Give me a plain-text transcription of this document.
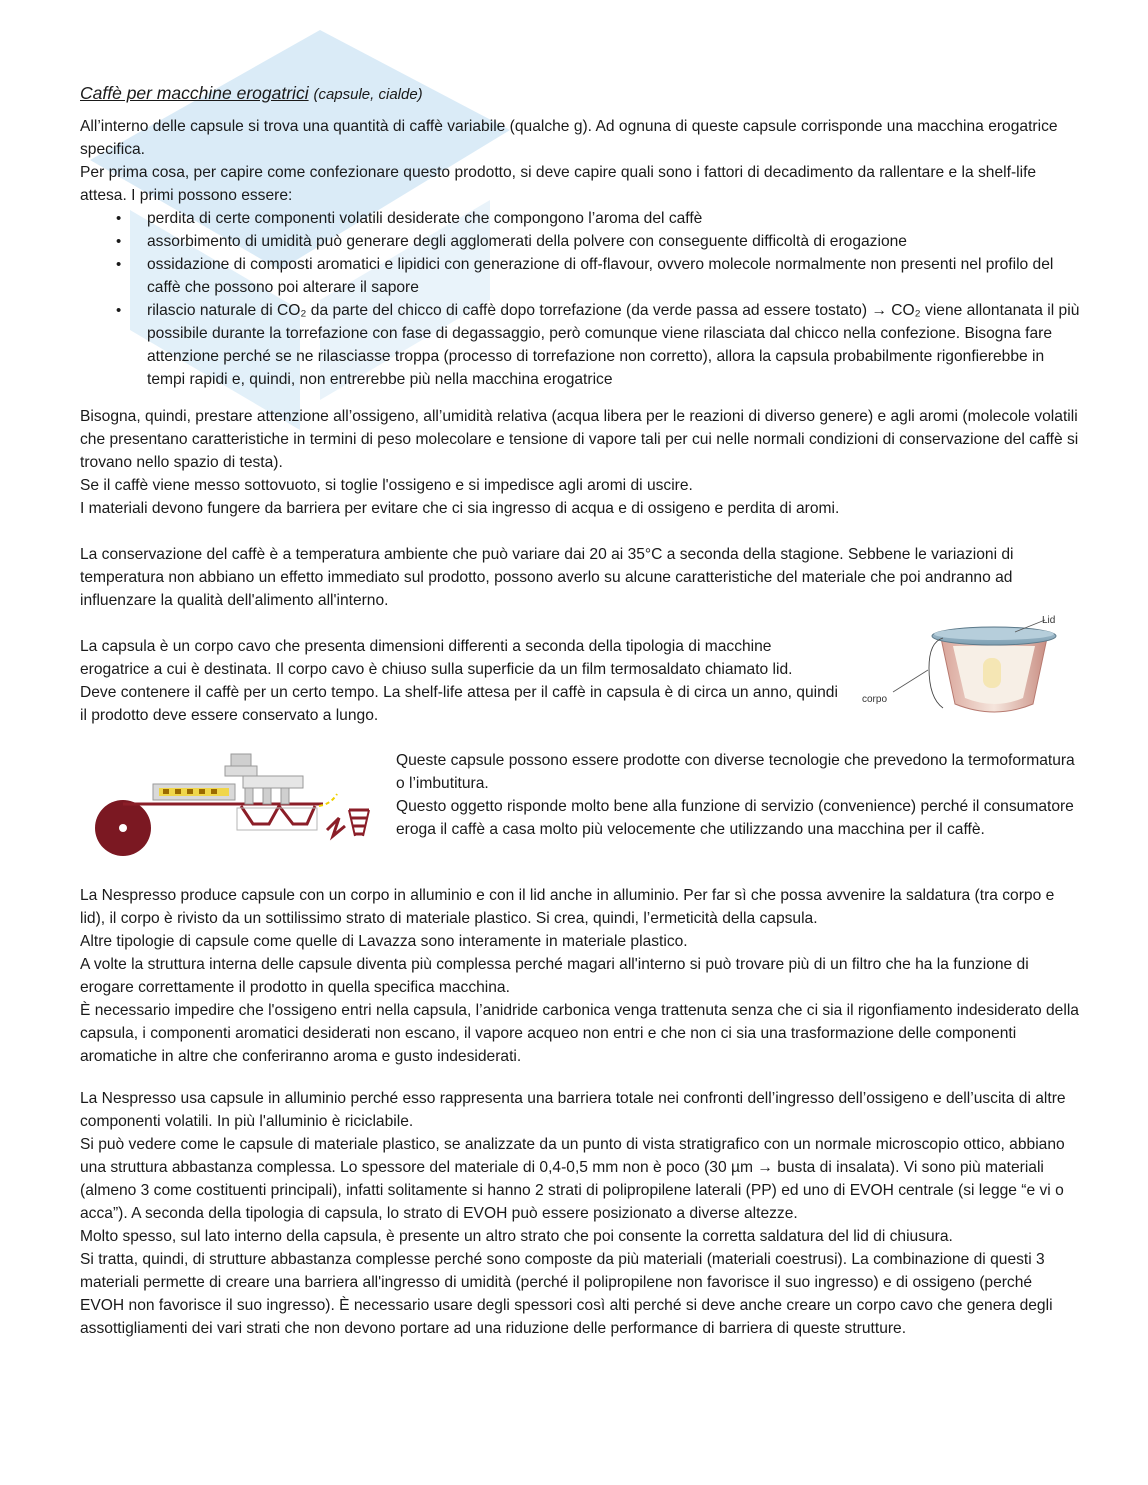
Caffè per macchine erogatrici (capsule, cialde)

All’interno delle capsule si trova una quantità di caffè variabile (qualche g). Ad ognuna di queste capsule corrisponde una macchina erogatrice specifica.

Per prima cosa, per capire come confezionare questo prodotto, si deve capire quali sono i fattori di decadimento da rallentare e la shelf-life attesa. I primi possono essere:

• perdita di certe componenti volatili desiderate che compongono l’aroma del caffè
• assorbimento di umidità può generare degli agglomerati della polvere con conseguente difficoltà di erogazione
• ossidazione di composti aromatici e lipidici con generazione di off-flavour, ovvero molecole normalmente non presenti nel profilo del caffè che possono poi alterare il sapore
• rilascio naturale di CO₂ da parte del chicco di caffè dopo torrefazione (da verde passa ad essere tostato) → CO₂ viene allontanata il più possibile durante la torrefazione con fase di degassaggio, però comunque viene rilasciata dal chicco nella confezione. Bisogna fare attenzione perché se ne rilasciasse troppa (processo di torrefazione non corretto), allora la capsula probabilmente rigonfierebbe in tempi rapidi e, quindi, non entrerebbe più nella macchina erogatrice

Bisogna, quindi, prestare attenzione all’ossigeno, all’umidità relativa (acqua libera per le reazioni di diverso genere) e agli aromi (molecole volatili che presentano caratteristiche in termini di peso molecolare e tensione di vapore tali per cui nelle normali condizioni di conservazione del caffè si trovano nello spazio di testa).

Se il caffè viene messo sottovuoto, si toglie l'ossigeno e si impedisce agli aromi di uscire.

I materiali devono fungere da barriera per evitare che ci sia ingresso di acqua e di ossigeno e perdita di aromi.

La conservazione del caffè è a temperatura ambiente che può variare dai 20 ai 35°C a seconda della stagione. Sebbene le variazioni di temperatura non abbiano un effetto immediato sul prodotto, possono averlo su alcune caratteristiche del materiale che poi andranno ad influenzare la qualità dell'alimento all'interno.

La capsula è un corpo cavo che presenta dimensioni differenti a seconda della tipologia di macchine erogatrice a cui è destinata. Il corpo cavo è chiuso sulla superficie da un film termosaldato chiamato lid.

Deve contenere il caffè per un certo tempo. La shelf-life attesa per il caffè in capsula è di circa un anno, quindi il prodotto deve essere conservato a lungo.

Lid
corpo

Queste capsule possono essere prodotte con diverse tecnologie che prevedono la termoformatura o l’imbutitura.

Questo oggetto risponde molto bene alla funzione di servizio (convenience) perché il consumatore eroga il caffè a casa molto più velocemente che utilizzando una macchina per il caffè.

La Nespresso produce capsule con un corpo in alluminio e con il lid anche in alluminio. Per far sì che possa avvenire la saldatura (tra corpo e lid), il corpo è rivisto da un sottilissimo strato di materiale plastico. Si crea, quindi, l’ermeticità della capsula.

Altre tipologie di capsule come quelle di Lavazza sono interamente in materiale plastico.

A volte la struttura interna delle capsule diventa più complessa perché magari all'interno si può trovare più di un filtro che ha la funzione di erogare correttamente il prodotto in quella specifica macchina.

È necessario impedire che l'ossigeno entri nella capsula, l’anidride carbonica venga trattenuta senza che ci sia il rigonfiamento indesiderato della capsula, i componenti aromatici desiderati non escano, il vapore acqueo non entri e che non ci sia una trasformazione delle componenti aromatiche in altre che conferiranno aroma e gusto indesiderati.

La Nespresso usa capsule in alluminio perché esso rappresenta una barriera totale nei confronti dell’ingresso dell’ossigeno e dell’uscita di altre componenti volatili. In più l'alluminio è riciclabile.

Si può vedere come le capsule di materiale plastico, se analizzate da un punto di vista stratigrafico con un normale microscopio ottico, abbiano una struttura abbastanza complessa. Lo spessore del materiale di 0,4-0,5 mm non è poco (30 µm → busta di insalata). Vi sono più materiali (almeno 3 come costituenti principali), infatti solitamente si hanno 2 strati di polipropilene laterali (PP) ed uno di EVOH centrale (si legge “e vi o acca”). A seconda della tipologia di capsula, lo strato di EVOH può essere posizionato a diverse altezze.

Molto spesso, sul lato interno della capsula, è presente un altro strato che poi consente la corretta saldatura del lid di chiusura.

Si tratta, quindi, di strutture abbastanza complesse perché sono composte da più materiali (materiali coestrusi). La combinazione di questi 3 materiali permette di creare una barriera all'ingresso di umidità (perché il polipropilene non favorisce il suo ingresso) e di ossigeno (perché EVOH non favorisce il suo ingresso). È necessario usare degli spessori così alti perché si deve anche creare un corpo cavo che genera degli assottigliamenti dei vari strati che non devono portare ad una riduzione delle performance di barriera di queste strutture.
